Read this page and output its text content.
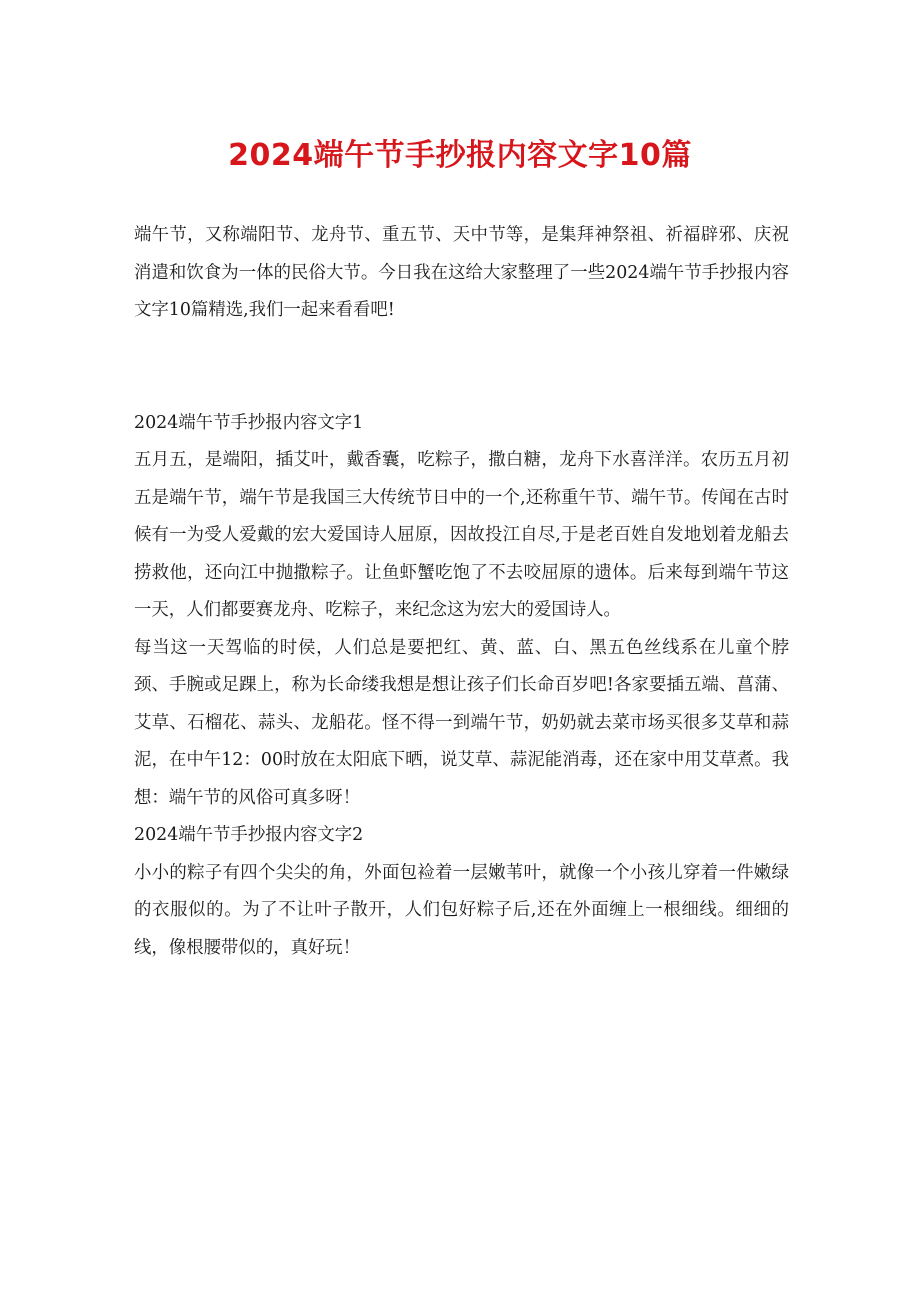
2024端午节手抄报内容文字10篇

端午节，又称端阳节、龙舟节、重五节、天中节等，是集拜神祭祖、祈福辟邪、庆祝消遣和饮食为一体的民俗大节。今日我在这给大家整理了一些2024端午节手抄报内容文字10篇精选,我们一起来看看吧!

2024端午节手抄报内容文字1

五月五，是端阳，插艾叶，戴香囊，吃粽子，撒白糖，龙舟下水喜洋洋。农历五月初五是端午节，端午节是我国三大传统节日中的一个,还称重午节、端午节。传闻在古时候有一为受人爱戴的宏大爱国诗人屈原，因故投江自尽,于是老百姓自发地划着龙船去捞救他，还向江中抛撒粽子。让鱼虾蟹吃饱了不去咬屈原的遗体。后来每到端午节这一天，人们都要赛龙舟、吃粽子，来纪念这为宏大的爱国诗人。

每当这一天驾临的时侯，人们总是要把红、黄、蓝、白、黑五色丝线系在儿童个脖颈、手腕或足踝上，称为长命缕我想是想让孩子们长命百岁吧!各家要插五端、菖蒲、艾草、石榴花、蒜头、龙船花。怪不得一到端午节，奶奶就去菜市场买很多艾草和蒜泥，在中午12：00时放在太阳底下晒，说艾草、蒜泥能消毒，还在家中用艾草煮。我想：端午节的风俗可真多呀！

2024端午节手抄报内容文字2

小小的粽子有四个尖尖的角，外面包裣着一层嫩苇叶，就像一个小孩儿穿着一件嫩绿的衣服似的。为了不让叶子散开，人们包好粽子后,还在外面缠上一根细线。细细的线，像根腰带似的，真好玩！
